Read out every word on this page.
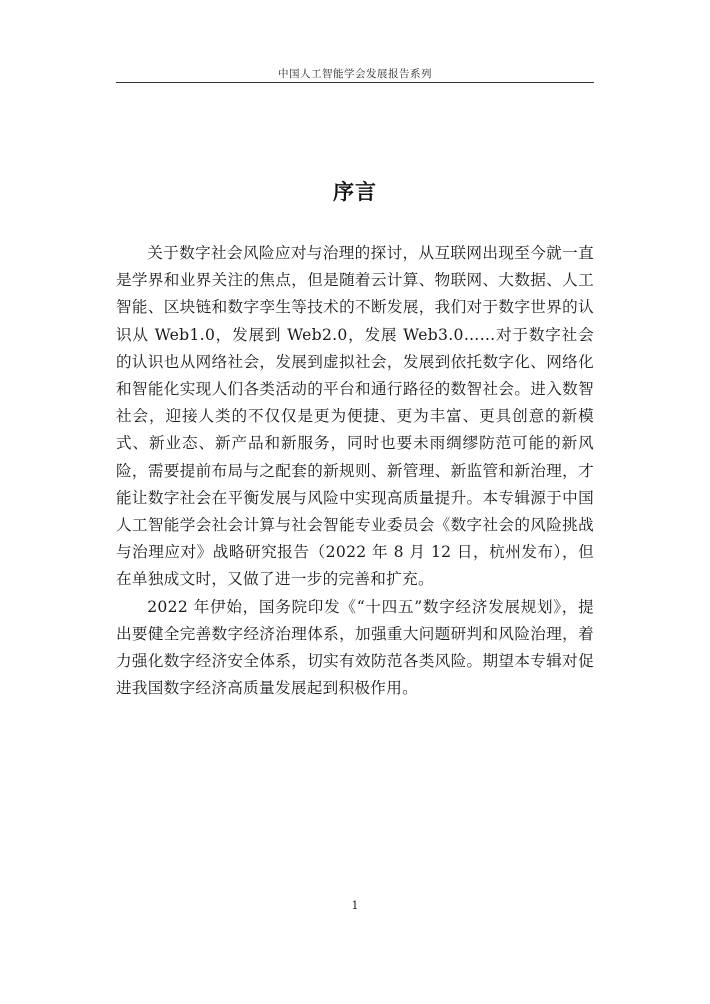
中国人工智能学会发展报告系列
序言

关于数字社会风险应对与治理的探讨，从互联网出现至今就一直是学界和业界关注的焦点，但是随着云计算、物联网、大数据、人工智能、区块链和数字孪生等技术的不断发展，我们对于数字世界的认识从 Web1.0，发展到 Web2.0，发展 Web3.0……对于数字社会的认识也从网络社会，发展到虚拟社会，发展到依托数字化、网络化和智能化实现人们各类活动的平台和通行路径的数智社会。进入数智社会，迎接人类的不仅仅是更为便捷、更为丰富、更具创意的新模式、新业态、新产品和新服务，同时也要未雨绸缪防范可能的新风险，需要提前布局与之配套的新规则、新管理、新监管和新治理，才能让数字社会在平衡发展与风险中实现高质量提升。本专辑源于中国人工智能学会社会计算与社会智能专业委员会《数字社会的风险挑战与治理应对》战略研究报告（2022 年 8 月 12 日，杭州发布），但在单独成文时，又做了进一步的完善和扩充。

2022 年伊始，国务院印发《“十四五”数字经济发展规划》，提出要健全完善数字经济治理体系，加强重大问题研判和风险治理，着力强化数字经济安全体系，切实有效防范各类风险。期望本专辑对促进我国数字经济高质量发展起到积极作用。

1
